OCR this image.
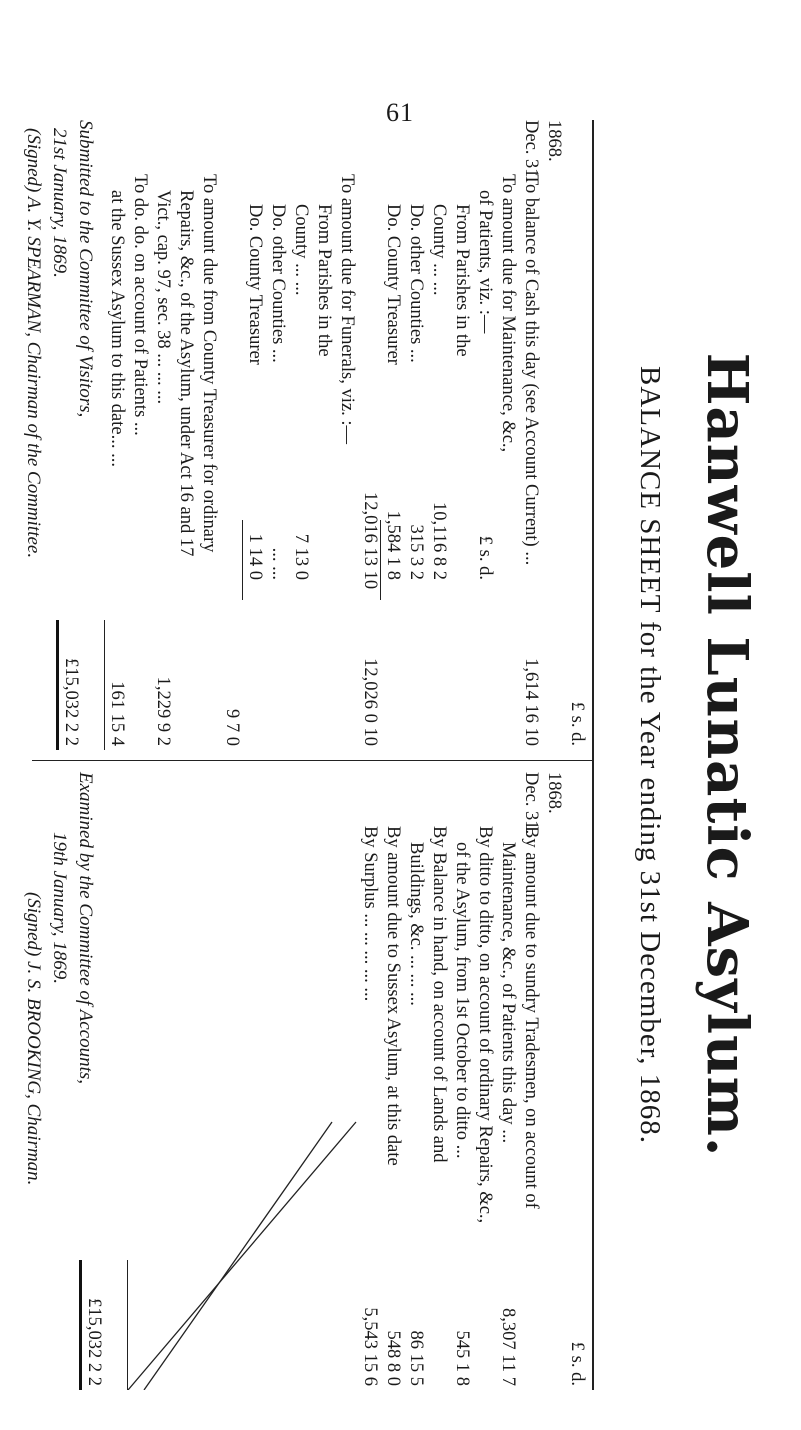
61
Hanwell Lunatic Asylum.
BALANCE SHEET for the Year ending 31st December, 1868.
£ s. d.
1868.
Dec. 31.
To balance of Cash this day (see Account Current) ...
1,614 16 10
To amount due for Maintenance, &c.,
of Patients, viz. :—
£ s. d.
From Parishes in the
County ... ...
10,116 8 2
Do. other Counties ...
315 3 2
Do. County Treasurer
1,584 1 8
12,016 13 10
12,026 0 10
To amount due for Funerals, viz. :—
From Parishes in the
County ... ...
7 13 0
Do. other Counties ...
... ...
Do. County Treasurer
1 14 0
9 7 0
To amount due from County Treasurer for ordinary
Repairs, &c., of the Asylum, under Act 16 and 17
Vict., cap. 97, sec. 38 ... ... ...
1,229 9 2
To do. do. on account of Patients ...
at the Sussex Asylum to this date... ...
161 15 4
£15,032 2 2
£ s. d.
1868.
Dec. 31.
By amount due to sundry Tradesmen, on account of
Maintenance, &c., of Patients this day ...
8,307 11 7
By ditto to ditto, on account of ordinary Repairs, &c.,
of the Asylum, from 1st October to ditto ...
545 1 8
By Balance in hand, on account of Lands and
Buildings, &c. ... ... ...
86 15 5
By amount due to Sussex Asylum, at this date
548 8 0
By Surplus ... ... ... ... ...
5,543 15 6
£15,032 2 2
Submitted to the Committee of Visitors,
21st January, 1869.
(Signed) A. Y. SPEARMAN, Chairman of the Committee.
Examined by the Committee of Accounts,
19th January, 1869.
(Signed) J. S. BROOKING, Chairman.
